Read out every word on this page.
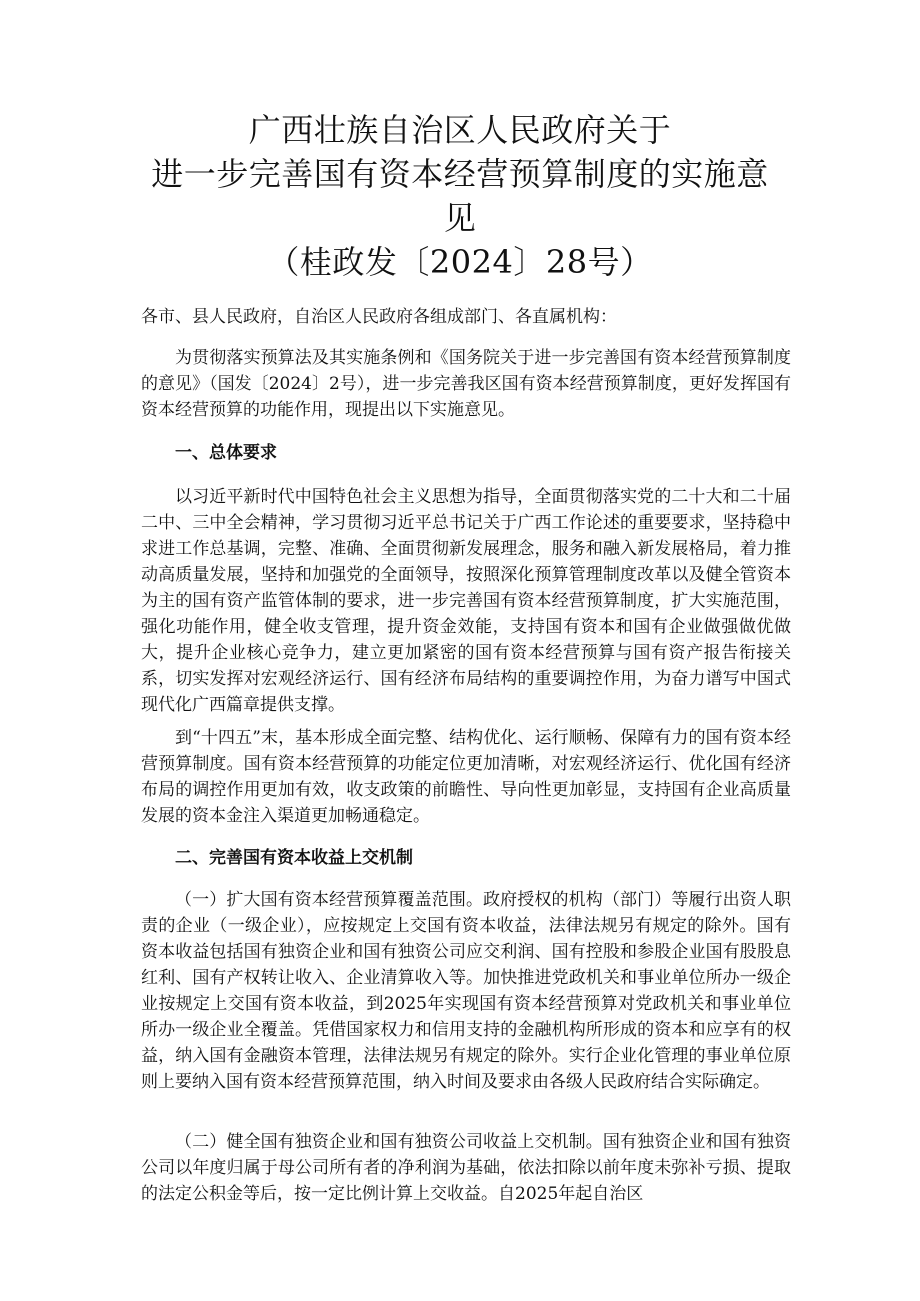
广西壮族自治区人民政府关于
进一步完善国有资本经营预算制度的实施意
见
（桂政发〔2024〕28号）

各市、县人民政府，自治区人民政府各组成部门、各直属机构：

为贯彻落实预算法及其实施条例和《国务院关于进一步完善国有资本经营预算制度的意见》（国发〔2024〕2号），进一步完善我区国有资本经营预算制度，更好发挥国有资本经营预算的功能作用，现提出以下实施意见。

一、总体要求

以习近平新时代中国特色社会主义思想为指导，全面贯彻落实党的二十大和二十届二中、三中全会精神，学习贯彻习近平总书记关于广西工作论述的重要要求，坚持稳中求进工作总基调，完整、准确、全面贯彻新发展理念，服务和融入新发展格局，着力推动高质量发展，坚持和加强党的全面领导，按照深化预算管理制度改革以及健全管资本为主的国有资产监管体制的要求，进一步完善国有资本经营预算制度，扩大实施范围，强化功能作用，健全收支管理，提升资金效能，支持国有资本和国有企业做强做优做大，提升企业核心竞争力，建立更加紧密的国有资本经营预算与国有资产报告衔接关系，切实发挥对宏观经济运行、国有经济布局结构的重要调控作用，为奋力谱写中国式现代化广西篇章提供支撑。

到“十四五”末，基本形成全面完整、结构优化、运行顺畅、保障有力的国有资本经营预算制度。国有资本经营预算的功能定位更加清晰，对宏观经济运行、优化国有经济布局的调控作用更加有效，收支政策的前瞻性、导向性更加彰显，支持国有企业高质量发展的资本金注入渠道更加畅通稳定。

二、完善国有资本收益上交机制

（一）扩大国有资本经营预算覆盖范围。政府授权的机构（部门）等履行出资人职责的企业（一级企业），应按规定上交国有资本收益，法律法规另有规定的除外。国有资本收益包括国有独资企业和国有独资公司应交利润、国有控股和参股企业国有股股息红利、国有产权转让收入、企业清算收入等。加快推进党政机关和事业单位所办一级企业按规定上交国有资本收益，到2025年实现国有资本经营预算对党政机关和事业单位所办一级企业全覆盖。凭借国家权力和信用支持的金融机构所形成的资本和应享有的权益，纳入国有金融资本管理，法律法规另有规定的除外。实行企业化管理的事业单位原则上要纳入国有资本经营预算范围，纳入时间及要求由各级人民政府结合实际确定。

（二）健全国有独资企业和国有独资公司收益上交机制。国有独资企业和国有独资公司以年度归属于母公司所有者的净利润为基础，依法扣除以前年度未弥补亏损、提取的法定公积金等后，按一定比例计算上交收益。自2025年起自治区
